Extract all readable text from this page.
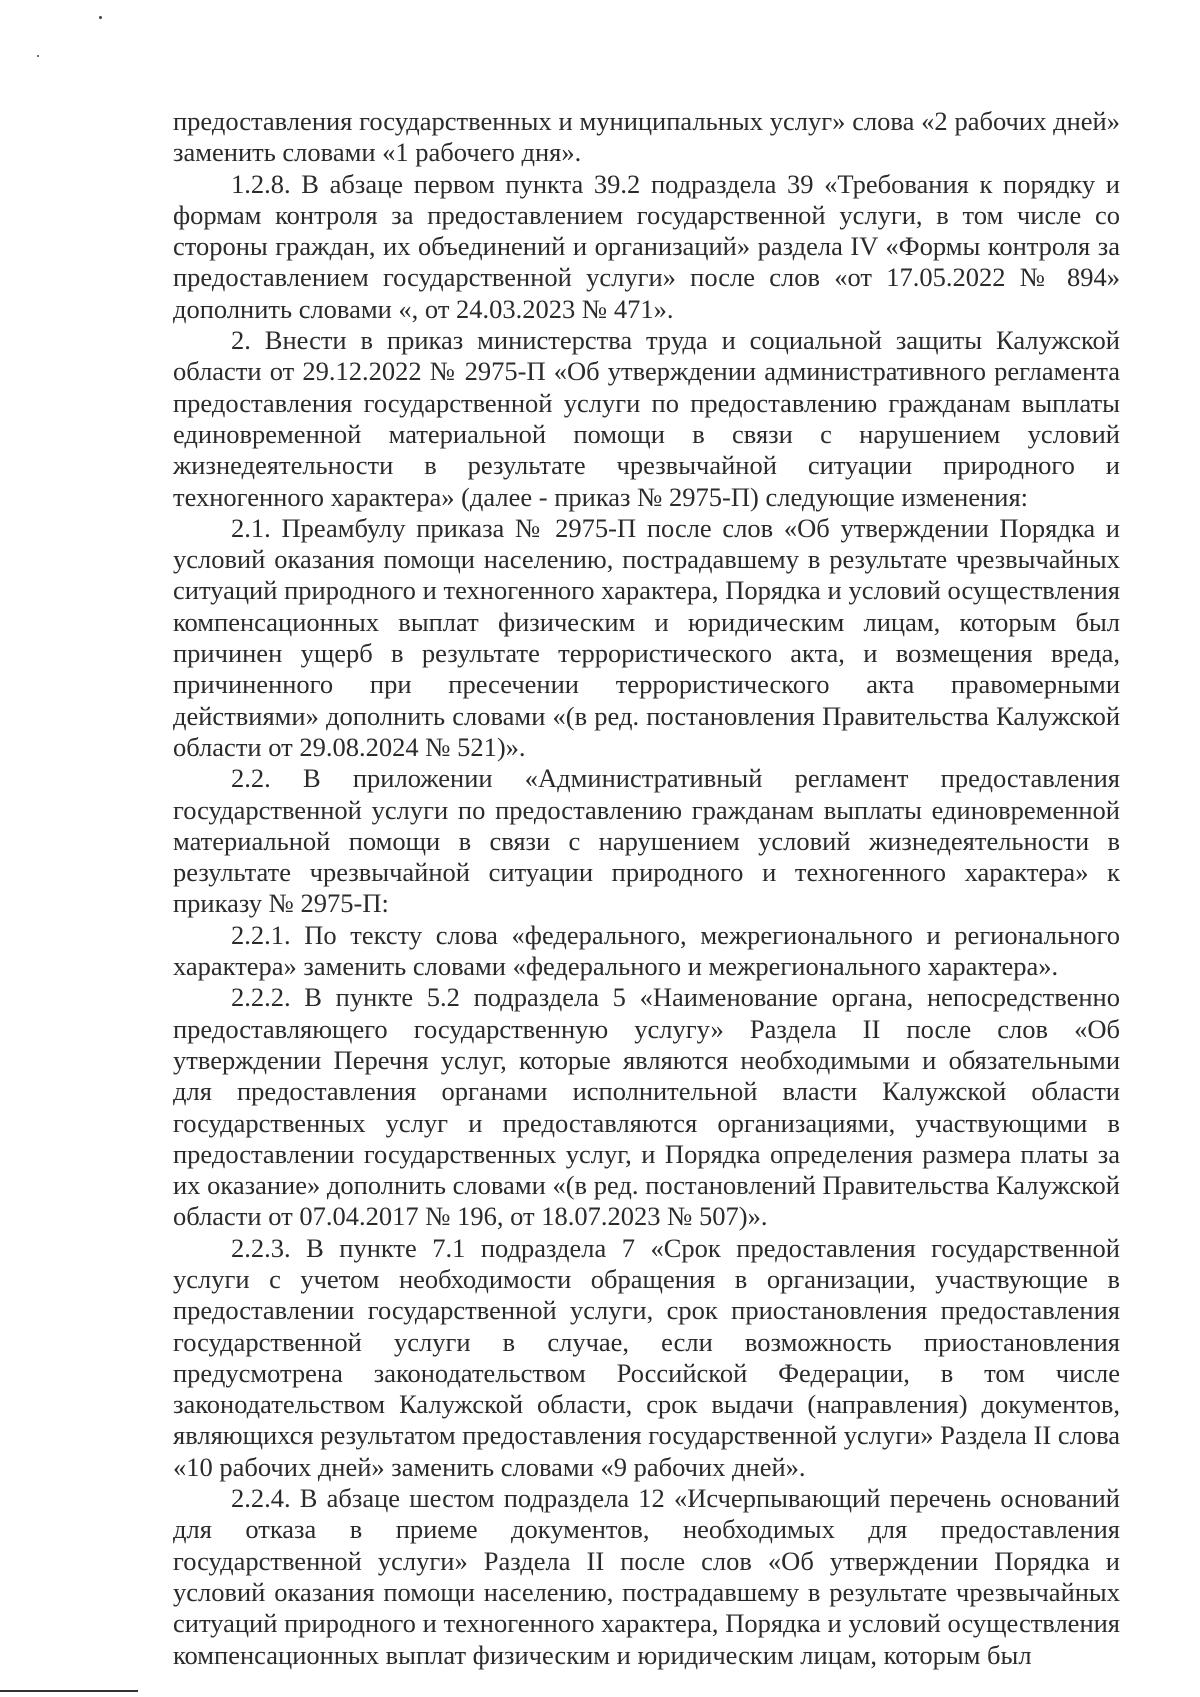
предоставления государственных и муниципальных услуг» слова «2 рабочих дней» заменить словами «1 рабочего дня».

1.2.8. В абзаце первом пункта 39.2 подраздела 39 «Требования к порядку и формам контроля за предоставлением государственной услуги, в том числе со стороны граждан, их объединений и организаций» раздела IV «Формы контроля за предоставлением государственной услуги» после слов «от 17.05.2022 № 894» дополнить словами «, от 24.03.2023 № 471».

2. Внести в приказ министерства труда и социальной защиты Калужской области от 29.12.2022 № 2975-П «Об утверждении административного регламента предоставления государственной услуги по предоставлению гражданам выплаты единовременной материальной помощи в связи с нарушением условий жизнедеятельности в результате чрезвычайной ситуации природного и техногенного характера» (далее - приказ № 2975-П) следующие изменения:

2.1. Преамбулу приказа № 2975-П после слов «Об утверждении Порядка и условий оказания помощи населению, пострадавшему в результате чрезвычайных ситуаций природного и техногенного характера, Порядка и условий осуществления компенсационных выплат физическим и юридическим лицам, которым был причинен ущерб в результате террористического акта, и возмещения вреда, причиненного при пресечении террористического акта правомерными действиями» дополнить словами «(в ред. постановления Правительства Калужской области от 29.08.2024 № 521)».

2.2. В приложении «Административный регламент предоставления государственной услуги по предоставлению гражданам выплаты единовременной материальной помощи в связи с нарушением условий жизнедеятельности в результате чрезвычайной ситуации природного и техногенного характера» к приказу № 2975-П:

2.2.1. По тексту слова «федерального, межрегионального и регионального характера» заменить словами «федерального и межрегионального характера».

2.2.2. В пункте 5.2 подраздела 5 «Наименование органа, непосредственно предоставляющего государственную услугу» Раздела II после слов «Об утверждении Перечня услуг, которые являются необходимыми и обязательными для предоставления органами исполнительной власти Калужской области государственных услуг и предоставляются организациями, участвующими в предоставлении государственных услуг, и Порядка определения размера платы за их оказание» дополнить словами «(в ред. постановлений Правительства Калужской области от 07.04.2017 № 196, от 18.07.2023 № 507)».

2.2.3. В пункте 7.1 подраздела 7 «Срок предоставления государственной услуги с учетом необходимости обращения в организации, участвующие в предоставлении государственной услуги, срок приостановления предоставления государственной услуги в случае, если возможность приостановления предусмотрена законодательством Российской Федерации, в том числе законодательством Калужской области, срок выдачи (направления) документов, являющихся результатом предоставления государственной услуги» Раздела II слова «10 рабочих дней» заменить словами «9 рабочих дней».

2.2.4. В абзаце шестом подраздела 12 «Исчерпывающий перечень оснований для отказа в приеме документов, необходимых для предоставления государственной услуги» Раздела II после слов «Об утверждении Порядка и условий оказания помощи населению, пострадавшему в результате чрезвычайных ситуаций природного и техногенного характера, Порядка и условий осуществления компенсационных выплат физическим и юридическим лицам, которым был
